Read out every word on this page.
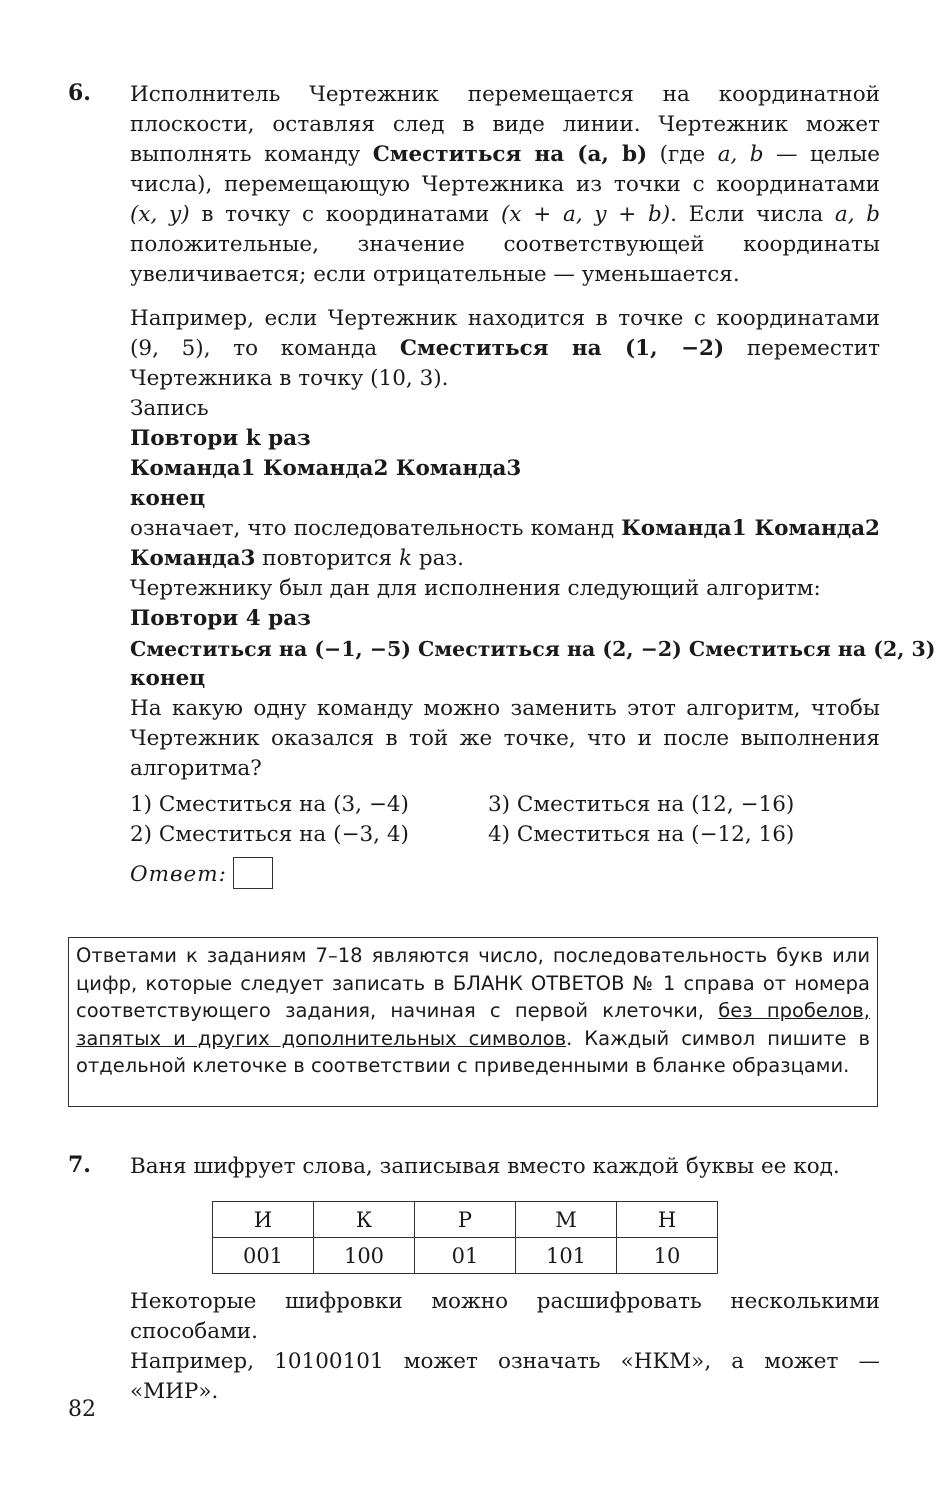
6. Исполнитель Чертежник перемещается на координатной плоскости, оставляя след в виде линии. Чертежник может выполнять команду Сместиться на (a, b) (где a, b — целые числа), перемещающую Чертежника из точки с координатами (x, y) в точку с координатами (x + a, y + b). Если числа a, b положительные, значение соответствующей координаты увеличивается; если отрицательные — уменьшается.

Например, если Чертежник находится в точке с координатами (9, 5), то команда Сместиться на (1, −2) переместит Чертежника в точку (10, 3).

Запись

Повтори k раз

Команда1 Команда2 Команда3

конец

означает, что последовательность команд Команда1 Команда2 Команда3 повторится k раз.

Чертежнику был дан для исполнения следующий алгоритм:

Повтори 4 раз

Сместиться на (−1, −5) Сместиться на (2, −2) Сместиться на (2, 3)

конец

На какую одну команду можно заменить этот алгоритм, чтобы Чертежник оказался в той же точке, что и после выполнения алгоритма?

1) Сместиться на (3, −4)
2) Сместиться на (−3, 4)
3) Сместиться на (12, −16)
4) Сместиться на (−12, 16)
Ответ:
Ответами к заданиям 7–18 являются число, последовательность букв или цифр, которые следует записать в БЛАНК ОТВЕТОВ № 1 справа от номера соответствующего задания, начиная с первой клеточки, без пробелов, запятых и других дополнительных символов. Каждый символ пишите в отдельной клеточке в соответствии с приведенными в бланке образцами.
7. Ваня шифрует слова, записывая вместо каждой буквы ее код.
И	К	Р	М	Н
001	100	01	101	10

Некоторые шифровки можно расшифровать несколькими способами.

Например, 10100101 может означать «НКМ», а может — «МИР».

82
